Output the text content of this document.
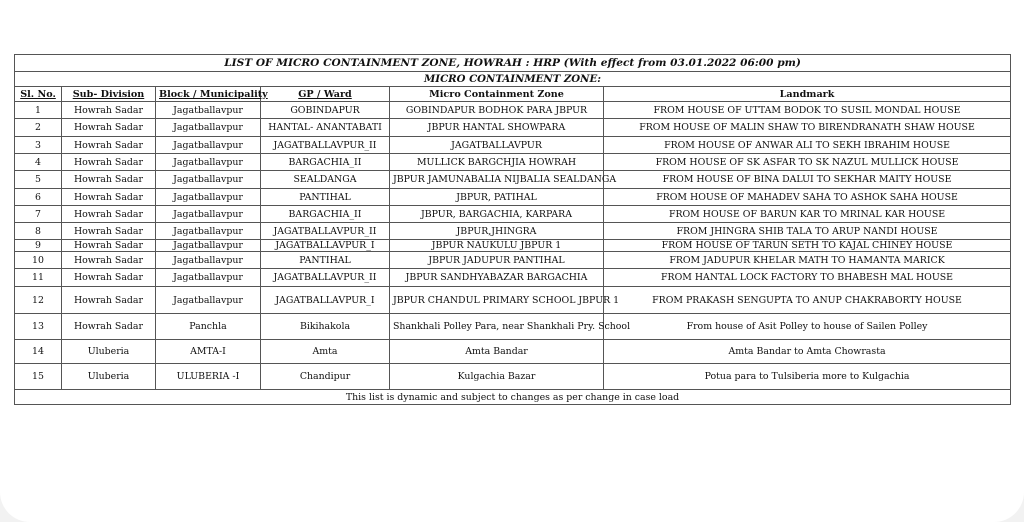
LIST OF MICRO CONTAINMENT ZONE, HOWRAH : HRP (With effect from 03.01.2022 06:00 pm)					
MICRO CONTAINMENT ZONE:					
Sl. No.	Sub- Division	Block / Municipality	GP / Ward	Micro Containment Zone	Landmark
1	Howrah Sadar	Jagatballavpur	GOBINDAPUR	GOBINDAPUR BODHOK PARA JBPUR	FROM HOUSE OF UTTAM BODOK TO SUSIL MONDAL HOUSE
2	Howrah Sadar	Jagatballavpur	HANTAL- ANANTABATI	JBPUR HANTAL SHOWPARA	FROM HOUSE OF MALIN SHAW TO BIRENDRANATH SHAW HOUSE
3	Howrah Sadar	Jagatballavpur	JAGATBALLAVPUR_II	JAGATBALLAVPUR	FROM HOUSE OF ANWAR ALI TO SEKH IBRAHIM HOUSE
4	Howrah Sadar	Jagatballavpur	BARGACHIA_II	MULLICK BARGCHJIA HOWRAH	FROM HOUSE OF SK ASFAR TO SK NAZUL MULLICK HOUSE
5	Howrah Sadar	Jagatballavpur	SEALDANGA	JBPUR JAMUNABALIA NIJBALIA SEALDANGA	FROM HOUSE OF BINA DALUI TO SEKHAR MAITY HOUSE
6	Howrah Sadar	Jagatballavpur	PANTIHAL	JBPUR, PATIHAL	FROM HOUSE OF MAHADEV SAHA TO ASHOK SAHA HOUSE
7	Howrah Sadar	Jagatballavpur	BARGACHIA_II	JBPUR, BARGACHIA, KARPARA	FROM HOUSE OF BARUN KAR TO MRINAL KAR HOUSE
8	Howrah Sadar	Jagatballavpur	JAGATBALLAVPUR_II	JBPUR,JHINGRA	FROM JHINGRA SHIB TALA TO ARUP NANDI HOUSE
9	Howrah Sadar	Jagatballavpur	JAGATBALLAVPUR_I	JBPUR NAUKULU JBPUR 1	FROM HOUSE OF TARUN SETH TO KAJAL CHINEY HOUSE
10	Howrah Sadar	Jagatballavpur	PANTIHAL	JBPUR JADUPUR PANTIHAL	FROM JADUPUR KHELAR MATH TO HAMANTA MARICK
11	Howrah Sadar	Jagatballavpur	JAGATBALLAVPUR_II	JBPUR SANDHYABAZAR BARGACHIA	FROM HANTAL LOCK FACTORY TO BHABESH MAL HOUSE
12	Howrah Sadar	Jagatballavpur	JAGATBALLAVPUR_I	JBPUR CHANDUL PRIMARY SCHOOL JBPUR 1	FROM PRAKASH SENGUPTA TO ANUP CHAKRABORTY HOUSE
13	Howrah Sadar	Panchla	Bikihakola	Shankhali Polley Para, near Shankhali Pry. School	From house of Asit Polley to house of Sailen Polley
14	Uluberia	AMTA-I	Amta	Amta Bandar	Amta Bandar to Amta Chowrasta
15	Uluberia	ULUBERIA -I	Chandipur	Kulgachia Bazar	Potua para to Tulsiberia more to Kulgachia
This list is dynamic and subject to changes as per change in case load					
